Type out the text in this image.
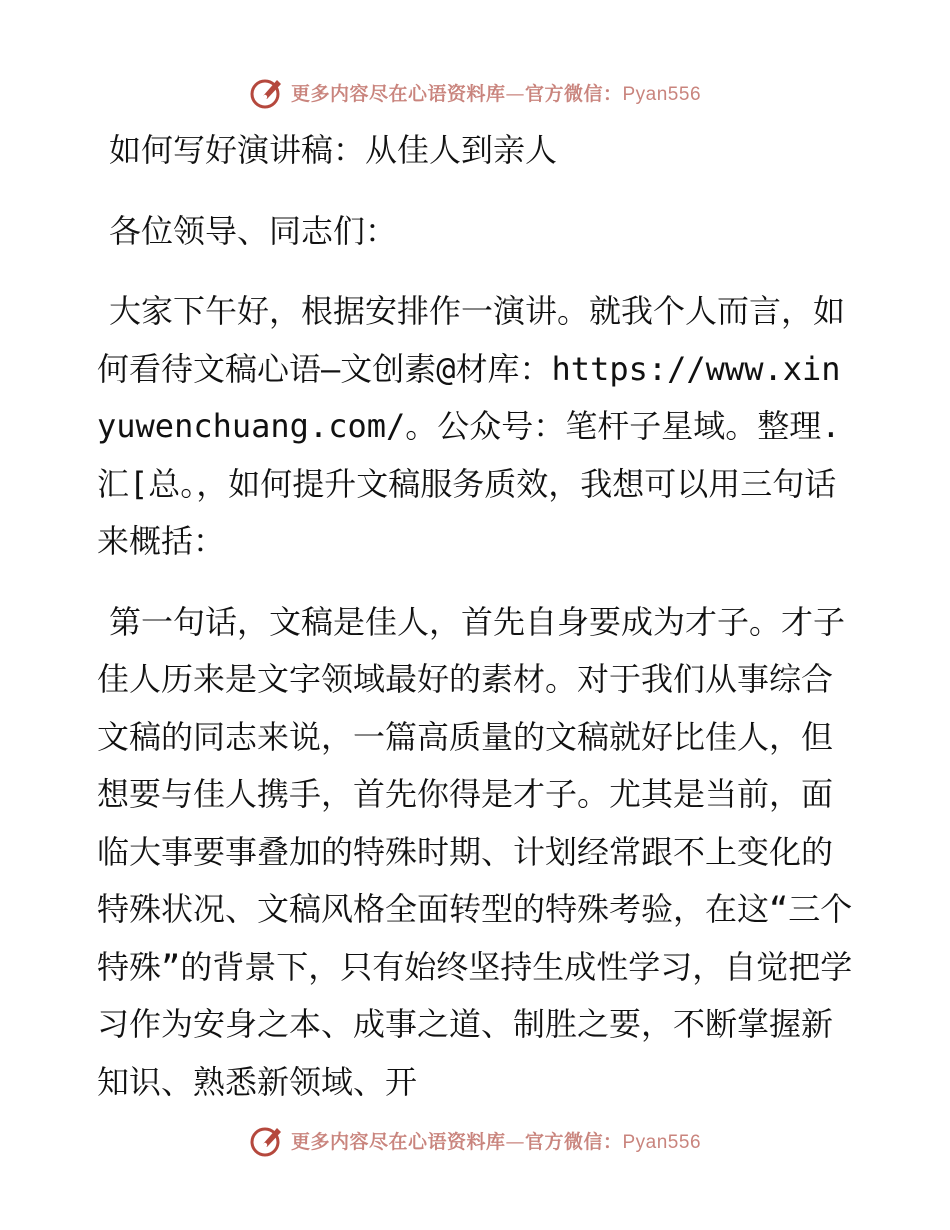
更多内容尽在心语资料库—官方微信：Pyan556

如何写好演讲稿：从佳人到亲人

各位领导、同志们：

大家下午好，根据安排作一演讲。就我个人而言，如何看待文稿心语—文创素@材库：https://www.xinyuwenchuang.com/。公众号：笔杆子星域。整理.汇[总。，如何提升文稿服务质效，我想可以用三句话来概括：

第一句话，文稿是佳人，首先自身要成为才子。才子佳人历来是文字领域最好的素材。对于我们从事综合文稿的同志来说，一篇高质量的文稿就好比佳人，但想要与佳人携手，首先你得是才子。尤其是当前，面临大事要事叠加的特殊时期、计划经常跟不上变化的特殊状况、文稿风格全面转型的特殊考验，在这“三个特殊”的背景下，只有始终坚持生成性学习，自觉把学习作为安身之本、成事之道、制胜之要，不断掌握新知识、熟悉新领域、开

更多内容尽在心语资料库—官方微信：Pyan556
